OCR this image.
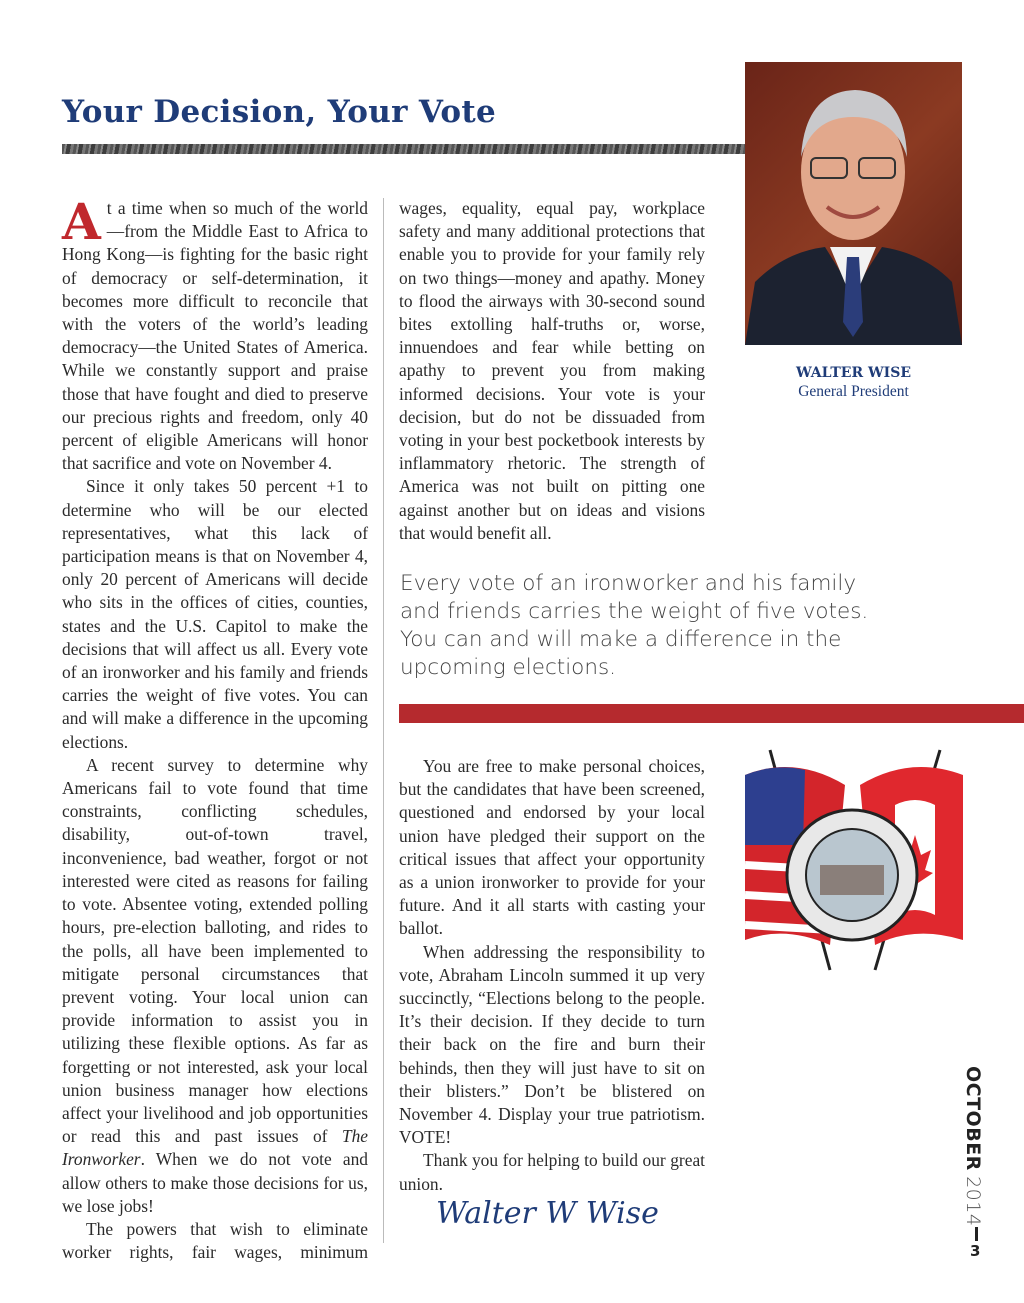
Your Decision, Your Vote
WALTER WISE
General President

At a time when so much of the world—from the Middle East to Africa to Hong Kong—is fighting for the basic right of democracy or self-determination, it becomes more difficult to reconcile that with the voters of the world’s leading democracy—the United States of America. While we constantly support and praise those that have fought and died to preserve our precious rights and freedom, only 40 percent of eligible Americans will honor that sacrifice and vote on November 4.

Since it only takes 50 percent +1 to determine who will be our elected representatives, what this lack of participation means is that on November 4, only 20 percent of Americans will decide who sits in the offices of cities, counties, states and the U.S. Capitol to make the decisions that will affect us all. Every vote of an ironworker and his family and friends carries the weight of five votes. You can and will make a difference in the upcoming elections.

A recent survey to determine why Americans fail to vote found that time constraints, conflicting schedules, disability, out-of-town travel, inconvenience, bad weather, forgot or not interested were cited as reasons for failing to vote. Absentee voting, extended polling hours, pre-election balloting, and rides to the polls, all have been implemented to mitigate personal circumstances that prevent voting. Your local union can provide information to assist you in utilizing these flexible options. As far as forgetting or not interested, ask your local union business manager how elections affect your livelihood and job opportunities or read this and past issues of The Ironworker. When we do not vote and allow others to make those decisions for us, we lose jobs!

The powers that wish to eliminate worker rights, fair wages, minimum

wages, equality, equal pay, workplace safety and many additional protections that enable you to provide for your family rely on two things—money and apathy. Money to flood the airways with 30-second sound bites extolling half-truths or, worse, innuendoes and fear while betting on apathy to prevent you from making informed decisions. Your vote is your decision, but do not be dissuaded from voting in your best pocketbook interests by inflammatory rhetoric. The strength of America was not built on pitting one against another but on ideas and visions that would benefit all.

Every vote of an ironworker and his family and friends carries the weight of five votes. You can and will make a difference in the upcoming elections.

You are free to make personal choices, but the candidates that have been screened, questioned and endorsed by your local union have pledged their support on the critical issues that affect your opportunity as a union ironworker to provide for your future. And it all starts with casting your ballot.

When addressing the responsibility to vote, Abraham Lincoln summed it up very succinctly, “Elections belong to the people. It’s their decision. If they decide to turn their back on the fire and burn their behinds, then they will just have to sit on their blisters.” Don’t be blistered on November 4. Display your true patriotism. VOTE!

Thank you for helping to build our great union.

Walter W Wise
OCTOBER 2014
3
